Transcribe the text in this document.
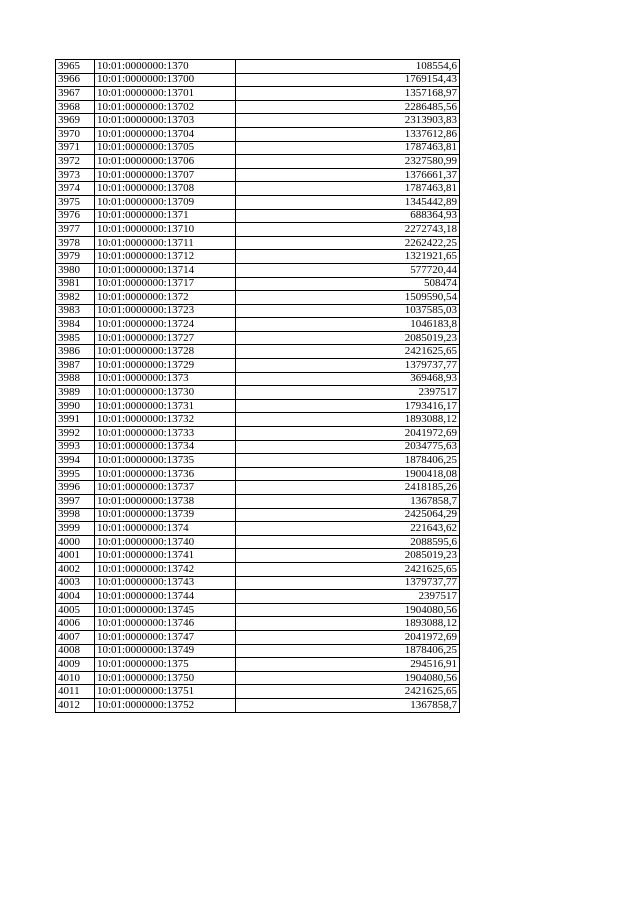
3965	10:01:0000000:1370	108554,6
3966	10:01:0000000:13700	1769154,43
3967	10:01:0000000:13701	1357168,97
3968	10:01:0000000:13702	2286485,56
3969	10:01:0000000:13703	2313903,83
3970	10:01:0000000:13704	1337612,86
3971	10:01:0000000:13705	1787463,81
3972	10:01:0000000:13706	2327580,99
3973	10:01:0000000:13707	1376661,37
3974	10:01:0000000:13708	1787463,81
3975	10:01:0000000:13709	1345442,89
3976	10:01:0000000:1371	688364,93
3977	10:01:0000000:13710	2272743,18
3978	10:01:0000000:13711	2262422,25
3979	10:01:0000000:13712	1321921,65
3980	10:01:0000000:13714	577720,44
3981	10:01:0000000:13717	508474
3982	10:01:0000000:1372	1509590,54
3983	10:01:0000000:13723	1037585,03
3984	10:01:0000000:13724	1046183,8
3985	10:01:0000000:13727	2085019,23
3986	10:01:0000000:13728	2421625,65
3987	10:01:0000000:13729	1379737,77
3988	10:01:0000000:1373	369468,93
3989	10:01:0000000:13730	2397517
3990	10:01:0000000:13731	1793416,17
3991	10:01:0000000:13732	1893088,12
3992	10:01:0000000:13733	2041972,69
3993	10:01:0000000:13734	2034775,63
3994	10:01:0000000:13735	1878406,25
3995	10:01:0000000:13736	1900418,08
3996	10:01:0000000:13737	2418185,26
3997	10:01:0000000:13738	1367858,7
3998	10:01:0000000:13739	2425064,29
3999	10:01:0000000:1374	221643,62
4000	10:01:0000000:13740	2088595,6
4001	10:01:0000000:13741	2085019,23
4002	10:01:0000000:13742	2421625,65
4003	10:01:0000000:13743	1379737,77
4004	10:01:0000000:13744	2397517
4005	10:01:0000000:13745	1904080,56
4006	10:01:0000000:13746	1893088,12
4007	10:01:0000000:13747	2041972,69
4008	10:01:0000000:13749	1878406,25
4009	10:01:0000000:1375	294516,91
4010	10:01:0000000:13750	1904080,56
4011	10:01:0000000:13751	2421625,65
4012	10:01:0000000:13752	1367858,7
